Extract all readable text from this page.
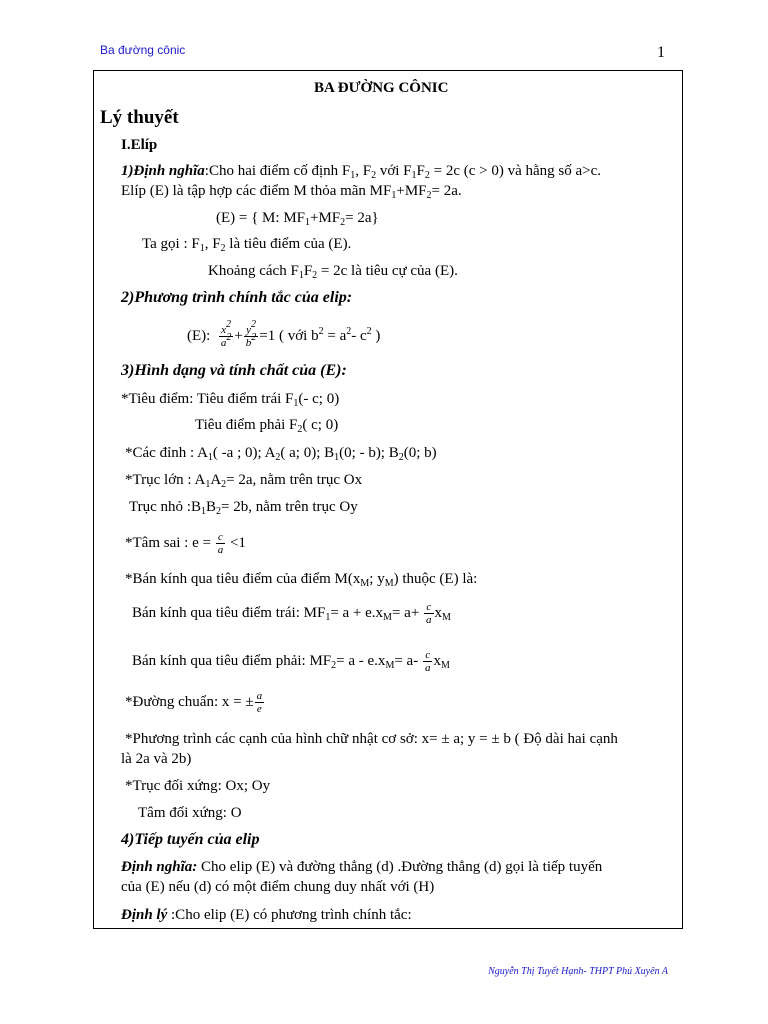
Ba đường cônic	1
BA ĐƯỜNG CÔNIC
Lý thuyết
I.Elíp
1)Định nghĩa:Cho hai điểm cố định $F_1$, $F_2$ với $F_1F_2 = 2c$ (c > 0) và hằng số a>c.
Elíp (E) là tập hợp các điểm M thỏa mãn $MF_1+MF_2= 2a$.
(E) = { M: $MF_1+MF_2= 2a$}
Ta gọi : $F_1$, $F_2$ là tiêu điểm của (E).
Khoảng cách $F_1F_2 = 2c$ là tiêu cự của (E).
2)Phương trình chính tắc của elip:
(E): $\frac{x^2}{a^2} + \frac{y^2}{b^2} =1$ ( với $b^2 = a^2-$ $c^2$ )
3)Hình dạng và tính chất của (E):
*Tiêu điểm: Tiêu điểm trái $F_1(-$ c; 0)
Tiêu điểm phải $F_2$( c; 0)
*Các đỉnh : $A_1$( -a ; 0); $A_2$( a; 0); $B_1(0$; - b); $B_2(0$; b)
*Trục lớn : $A_1A_2= 2a$, nằm trên trục Ox
Trục nhỏ $:B_1B_2= 2b$, nằm trên trục Oy
*Tâm sai : $e = \frac{c}{a} <1$
*Bán kính qua tiêu điểm của điểm $M(x_M$; $y_M$) thuộc (E) là:
Bán kính qua tiêu điểm trái: $MF_1= a + e.x_M= a+ \frac{c}{a} x_M$
Bán kính qua tiêu điểm phải: $MF_2= a - e.x_M= a- \frac{c}{a} x_M$
*Đường chuẩn: x = ± $\frac{a}{e}$
*Phương trình các cạnh của hình chữ nhật cơ sở: x= ± a; y = ± b ( Độ dài hai cạnh
là 2a và 2b)
*Trục đối xứng: Ox; Oy
Tâm đối xứng: O
4)Tiếp tuyến của elip
Định nghĩa: Cho elip (E) và đường thẳng (d) .Đường thẳng (d) gọi là tiếp tuyến
của (E) nếu (d) có một điểm chung duy nhất với (H)
Định lý :Cho elip (E) có phương trình chính tắc:
Nguyễn Thị Tuyết Hạnh- THPT Phú Xuyên A
